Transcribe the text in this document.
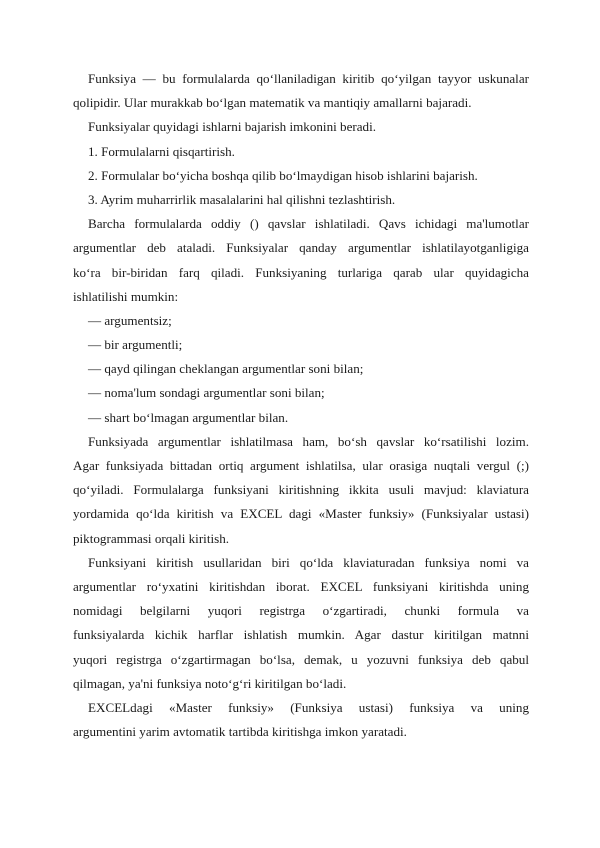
Funksiya — bu formulalarda qo‘llaniladigan kiritib qo‘yilgan tayyor uskunalar
qolipidir. Ular murakkab bo‘lgan matematik va mantiqiy amallarni bajaradi.
Funksiyalar quyidagi ishlarni bajarish imkonini beradi.
1. Formulalarni qisqartirish.
2. Formulalar bo‘yicha boshqa qilib bo‘lmaydigan hisob ishlarini bajarish.
3. Ayrim muharrirlik masalalarini hal qilishni tezlashtirish.
Barcha formulalarda oddiy () qavslar ishlatiladi. Qavs ichidagi ma'lumotlar
argumentlar deb ataladi. Funksiyalar qanday argumentlar ishlatilayotganligiga
ko‘ra bir-biridan farq qiladi. Funksiyaning turlariga qarab ular quyidagicha
ishlatilishi mumkin:
— argumentsiz;
— bir argumentli;
— qayd qilingan cheklangan argumentlar soni bilan;
— noma'lum sondagi argumentlar soni bilan;
— shart bo‘lmagan argumentlar bilan.
Funksiyada argumentlar ishlatilmasa ham, bo‘sh qavslar ko‘rsatilishi lozim.
Agar funksiyada bittadan ortiq argument ishlatilsa, ular orasiga nuqtali vergul (;)
qo‘yiladi. Formulalarga funksiyani kiritishning ikkita usuli mavjud: klaviatura
yordamida qo‘lda kiritish va EXCEL dagi «Master funksiy» (Funksiyalar ustasi)
piktogrammasi orqali kiritish.
Funksiyani kiritish usullaridan biri qo‘lda klaviaturadan funksiya nomi va
argumentlar ro‘yxatini kiritishdan iborat. EXCEL funksiyani kiritishda uning
nomidagi belgilarni yuqori registrga o‘zgartiradi, chunki formula va
funksiyalarda kichik harflar ishlatish mumkin. Agar dastur kiritilgan matnni
yuqori registrga o‘zgartirmagan bo‘lsa, demak, u yozuvni funksiya deb qabul
qilmagan, ya'ni funksiya noto‘g‘ri kiritilgan bo‘ladi.
EXCELdagi «Master funksiy» (Funksiya ustasi) funksiya va uning
argumentini yarim avtomatik tartibda kiritishga imkon yaratadi.
